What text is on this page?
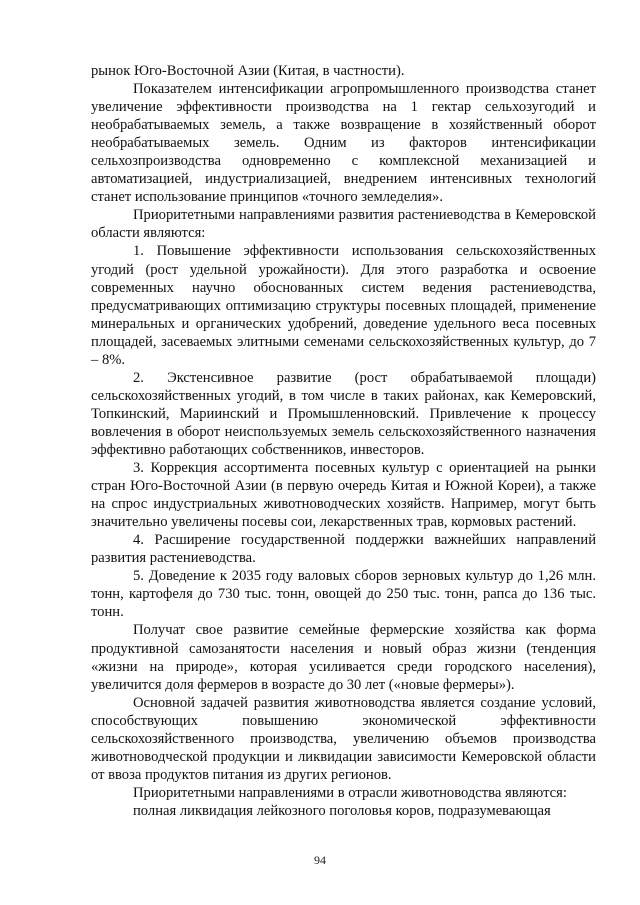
рынок Юго-Восточной Азии (Китая, в частности).

Показателем интенсификации агропромышленного производства станет увеличение эффективности производства на 1 гектар сельхозугодий и необрабатываемых земель, а также возвращение в хозяйственный оборот необрабатываемых земель. Одним из факторов интенсификации сельхозпроизводства одновременно с комплексной механизацией и автоматизацией, индустриализацией, внедрением интенсивных технологий станет использование принципов «точного земледелия».

Приоритетными направлениями развития растениеводства в Кемеровской области являются:

1. Повышение эффективности использования сельскохозяйственных угодий (рост удельной урожайности). Для этого разработка и освоение современных научно обоснованных систем ведения растениеводства, предусматривающих оптимизацию структуры посевных площадей, применение минеральных и органических удобрений, доведение удельного веса посевных площадей, засеваемых элитными семенами сельскохозяйственных культур, до 7 – 8%.

2. Экстенсивное развитие (рост обрабатываемой площади) сельскохозяйственных угодий, в том числе в таких районах, как Кемеровский, Топкинский, Мариинский и Промышленновский. Привлечение к процессу вовлечения в оборот неиспользуемых земель сельскохозяйственного назначения эффективно работающих собственников, инвесторов.

3. Коррекция ассортимента посевных культур с ориентацией на рынки стран Юго-Восточной Азии (в первую очередь Китая и Южной Кореи), а также на спрос индустриальных животноводческих хозяйств. Например, могут быть значительно увеличены посевы сои, лекарственных трав, кормовых растений.

4. Расширение государственной поддержки важнейших направлений развития растениеводства.

5. Доведение к 2035 году валовых сборов зерновых культур до 1,26 млн. тонн, картофеля до 730 тыс. тонн, овощей до 250 тыс. тонн, рапса до 136 тыс. тонн.

Получат свое развитие семейные фермерские хозяйства как форма продуктивной самозанятости населения и новый образ жизни (тенденция «жизни на природе», которая усиливается среди городского населения), увеличится доля фермеров в возрасте до 30 лет («новые фермеры»).

Основной задачей развития животноводства является создание условий, способствующих повышению экономической эффективности сельскохозяйственного производства, увеличению объемов производства животноводческой продукции и ликвидации зависимости Кемеровской области от ввоза продуктов питания из других регионов.

Приоритетными направлениями в отрасли животноводства являются:

полная ликвидация лейкозного поголовья коров, подразумевающая

94
